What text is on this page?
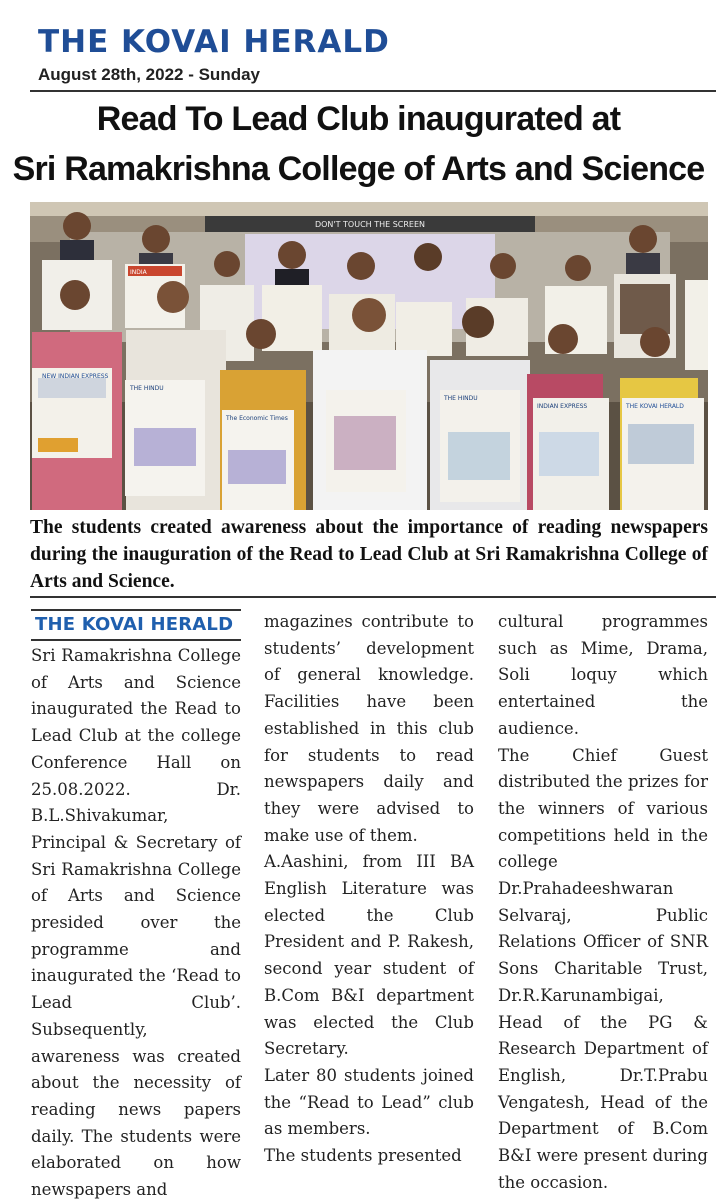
THE KOVAI HERALD
August 28th, 2022 - Sunday
Read To Lead Club inaugurated at
Sri Ramakrishna College of Arts and Science
DON'T TOUCH THE SCREEN
INDIA
NEW INDIAN EXPRESS
THE HINDU
The Economic Times
THE HINDU
INDIAN EXPRESS	THE KOVAI HERALD
The students created awareness about the importance of reading newspapers during the inauguration of the Read to Lead Club at Sri Ramakrishna College of Arts and Science.
THE KOVAI HERALD

Sri Ramakrishna College of Arts and Science inaugurated the Read to Lead Club at the college Conference Hall on 25.08.2022. Dr. B.L.Shivakumar, Principal & Secretary of Sri Ramakrishna College of Arts and Science presided over the programme and inaugurated the ‘Read to Lead Club’. Subsequently, awareness was created about the necessity of reading news papers daily. The students were elaborated on how newspapers and

magazines contribute to students’ development of general knowledge. Facilities have been established in this club for students to read newspapers daily and they were advised to make use of them.

A.Aashini, from III BA English Literature was elected the Club President and P. Rakesh, second year student of B.Com B&I department was elected the Club Secretary.

Later 80 students joined the “Read to Lead” club as members.

The students presented

cultural programmes such as Mime, Drama, Soli loquy which entertained the audience.

The Chief Guest distributed the prizes for the winners of various competitions held in the college

Dr.Prahadeeshwaran Selvaraj, Public Relations Officer of SNR Sons Charitable Trust, Dr.R.Karunambigai, Head of the PG & Research Department of English, Dr.T.Prabu Vengatesh, Head of the Department of B.Com B&I were present during the occasion.
